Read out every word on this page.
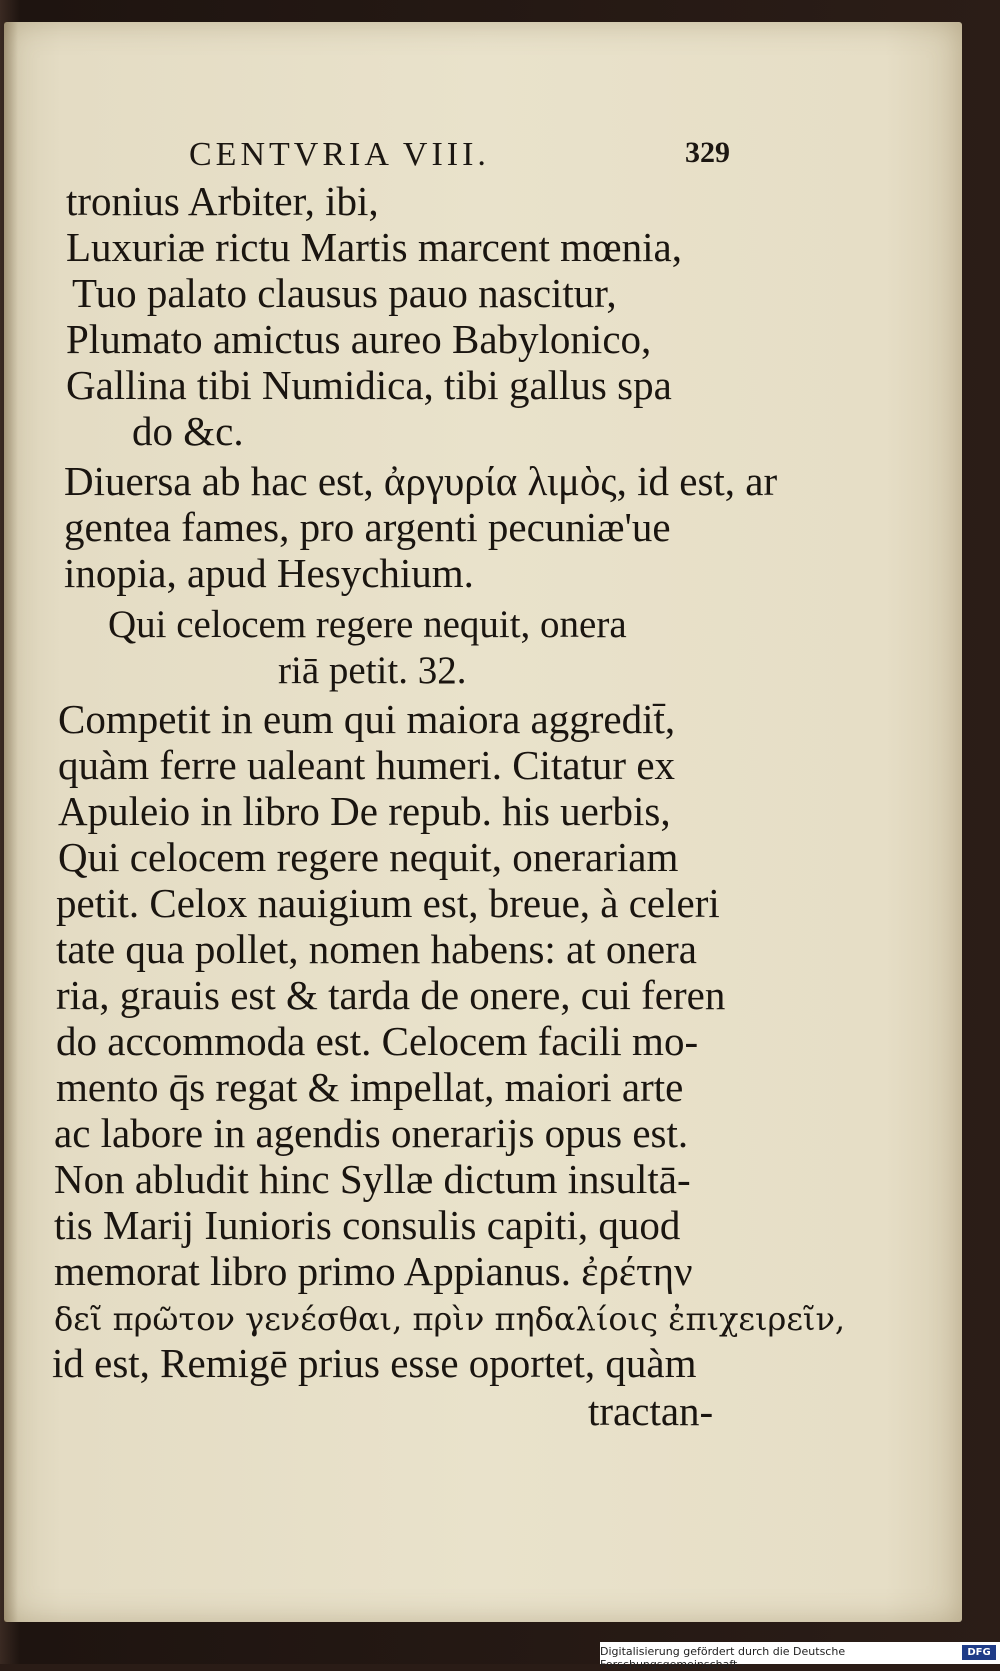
CENTVRIA VIII.	329
tronius Arbiter, ibi,
Luxuriæ rictu Martis marcent mœnia,
Tuo palato clausus pauo nascitur,
Plumato amictus aureo Babylonico,
Gallina tibi Numidica, tibi gallus spa
do &c.
Diuersa ab hac est, ἀργυρία λιμὸς, id est, ar
gentea fames, pro argenti pecuniæ'ue
inopia, apud Hesychium.
Qui celocem regere nequit, onera
riā petit. 32.
Competit in eum qui maiora aggredit̄,
quàm ferre ualeant humeri. Citatur ex
Apuleio in libro De repub. his uerbis,
Qui celocem regere nequit, onerariam
petit. Celox nauigium est, breue, à celeri
tate qua pollet, nomen habens: at onera
ria, grauis est & tarda de onere, cui feren
do accommoda est. Celocem facili mo-
mento q̄s regat & impellat, maiori arte
ac labore in agendis onerarijs opus est.
Non abludit hinc Syllæ dictum insultā-
tis Marij Iunioris consulis capiti, quod
memorat libro primo Appianus. ἐρέτην
δεῖ πρῶτον γενέσθαι, πρὶν πηδαλίοις ἐπιχειρεῖν,
id est, Remigē prius esse oportet, quàm
tractan-
Digitalisierung gefördert durch die Deutsche Forschungsgemeinschaft -
DFG
